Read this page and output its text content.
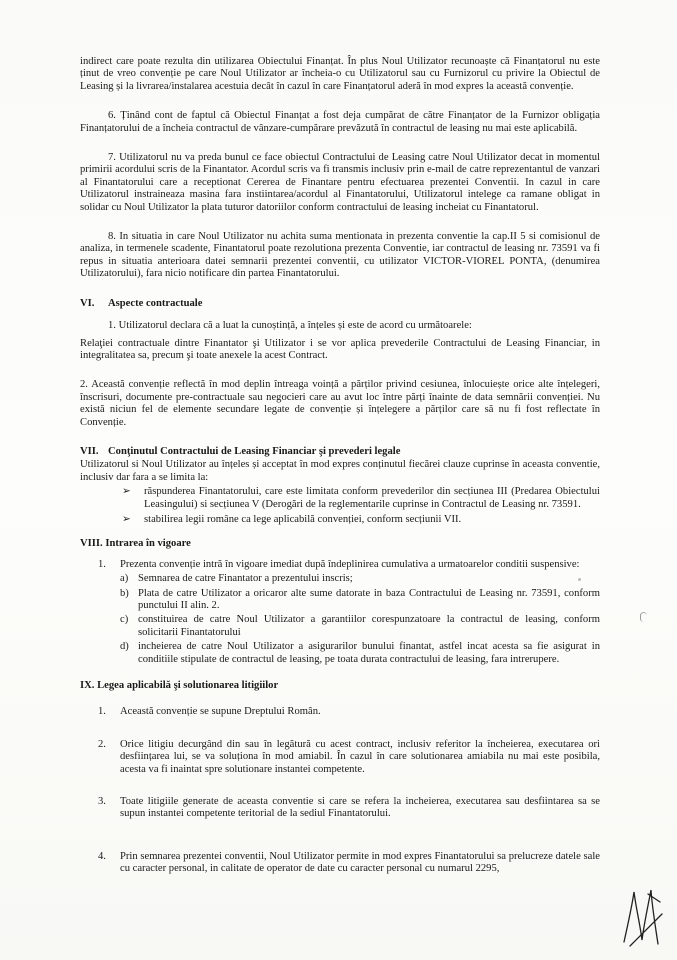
indirect care poate rezulta din utilizarea Obiectului Finanțat. În plus Noul Utilizator recunoaște că Finanțatorul nu este ținut de vreo convenție pe care Noul Utilizator ar încheia-o cu Utilizatorul sau cu Furnizorul cu privire la Obiectul de Leasing și la livrarea/instalarea acestuia decât în cazul în care Finanțatorul aderă în mod expres la această convenție.

6. Ținând cont de faptul că Obiectul Finanțat a fost deja cumpărat de către Finanțator de la Furnizor obligația Finanțatorului de a încheia contractul de vânzare-cumpărare prevăzută în contractul de leasing nu mai este aplicabilă.

7. Utilizatorul nu va preda bunul ce face obiectul Contractului de Leasing catre Noul Utilizator decat in momentul primirii acordului scris de la Finantator. Acordul scris va fi transmis inclusiv prin e-mail de catre reprezentantul de vanzari al Finantatorului care a receptionat Cererea de Finantare pentru efectuarea prezentei Conventii. In cazul in care Utilizatorul instraineaza masina fara instiintarea/acordul al Finantatorului, Utilizatorul intelege ca ramane obligat in solidar cu Noul Utilizator la plata tuturor datoriilor conform contractului de leasing incheiat cu Finantatorul.

8. In situatia in care Noul Utilizator nu achita suma mentionata in prezenta conventie la cap.II 5 si comisionul de analiza, in termenele scadente, Finantatorul poate rezolutiona prezenta Conventie, iar contractul de leasing nr. 73591 va fi repus in situatia anterioara datei semnarii prezentei conventii, cu utilizator VICTOR-VIOREL PONTA, (denumirea Utilizatorului), fara nicio notificare din partea Finantatorului.

VI. Aspecte contractuale

1. Utilizatorul declara că a luat la cunoștință, a înțeles și este de acord cu următoarele:

Relaţiei contractuale dintre Finantator şi Utilizator i se vor aplica prevederile Contractului de Leasing Financiar, in integralitatea sa, precum şi toate anexele la acest Contract.

2. Această convenție reflectă în mod deplin întreaga voință a părților privind cesiunea, înlocuiește orice alte înțelegeri, înscrisuri, documente pre-contractuale sau negocieri care au avut loc între părți înainte de data semnării convenției. Nu există niciun fel de elemente secundare legate de convenție și înțelegere a părților care să nu fi fost reflectate în Convenție.

VII. Conţinutul Contractului de Leasing Financiar şi prevederi legale

Utilizatorul si Noul Utilizator au înțeles și acceptat în mod expres conținutul fiecărei clauze cuprinse în aceasta conventie, inclusiv dar fara a se limita la:

➢ răspunderea Finantatorului, care este limitata conform prevederilor din secțiunea III (Predarea Obiectului Leasingului) si secțiunea V (Derogări de la reglementarile cuprinse in Contractul de Leasing nr. 73591.
➢ stabilirea legii române ca lege aplicabilă convenției, conform secțiunii VII.

VIII. Intrarea în vigoare

1. Prezenta convenție intră în vigoare imediat după îndeplinirea cumulativa a urmatoarelor conditii suspensive:
a) Semnarea de catre Finantator a prezentului inscris;
b) Plata de catre Utilizator a oricaror alte sume datorate in baza Contractului de Leasing nr. 73591, conform punctului II alin. 2.
c) constituirea de catre Noul Utilizator a garantiilor corespunzatoare la contractul de leasing, conform solicitarii Finantatorului
d) incheierea de catre Noul Utilizator a asigurarilor bunului finantat, astfel incat acesta sa fie asigurat in conditiile stipulate de contractul de leasing, pe toata durata contractului de leasing, fara intrerupere.

IX. Legea aplicabilă şi solutionarea litigiilor

1. Această convenție se supune Dreptului Român.
2. Orice litigiu decurgând din sau în legătură cu acest contract, inclusiv referitor la încheierea, executarea ori desființarea lui, se va soluționa în mod amiabil. În cazul în care solutionarea amiabila nu mai este posibila, acesta va fi inaintat spre solutionare instantei competente.
3. Toate litigiile generate de aceasta conventie si care se refera la incheierea, executarea sau desfiintarea sa se supun instantei competente teritorial de la sediul Finantatorului.
4. Prin semnarea prezentei conventii, Noul Utilizator permite in mod expres Finantatorului sa prelucreze datele sale cu caracter personal, in calitate de operator de date cu caracter personal cu numarul 2295,
